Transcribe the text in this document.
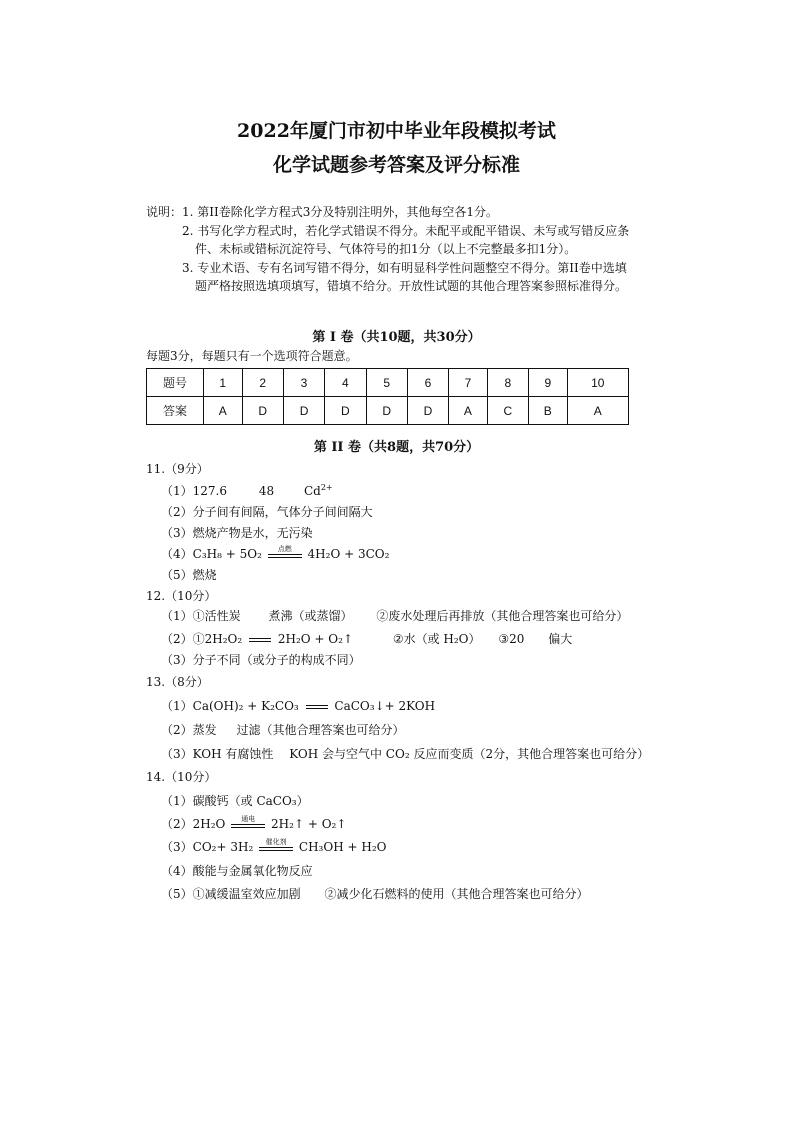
2022年厦门市初中毕业年段模拟考试
化学试题参考答案及评分标准
说明： 1. 第II卷除化学方程式3分及特别注明外，其他每空各1分。
2. 书写化学方程式时，若化学式错误不得分。未配平或配平错误、未写或写错反应条
件、未标或错标沉淀符号、气体符号的扣1分（以上不完整最多扣1分）。
3. 专业术语、专有名词写错不得分，如有明显科学性问题整空不得分。第II卷中选填
题严格按照选填项填写，错填不给分。开放性试题的其他合理答案参照标准得分。
第 I 卷（共10题，共30分）
每题3分，每题只有一个选项符合题意。
题号	1	2	3	4	5	6	7	8	9	10
答案	A	D	D	D	D	D	A	C	B	A
第 II 卷（共8题，共70分）
11.（9分）
（1）127.6	48 $Cd^{2+}$
（2）分子间有间隔，气体分子间间隔大
（3）燃烧产物是水，无污染
（4）C₃H₈ + 5O₂	点燃	4H₂O + 3CO₂
（5）燃烧
12.（10分）
（1）①活性炭 煮沸（或蒸馏） ②废水处理后再排放（其他合理答案也可给分）
（2）①2H₂O₂	2H₂O + O₂↑	②水（或 H₂O） ③20 偏大
（3）分子不同（或分子的构成不同）
13.（8分）
（1）Ca(OH)₂ + K₂CO₃	CaCO₃↓+ 2KOH
（2）蒸发 过滤（其他合理答案也可给分）
（3）KOH 有腐蚀性 KOH 会与空气中 CO₂ 反应而变质（2分，其他合理答案也可给分）
14.（10分）
（1）碳酸钙（或 CaCO₃）
（2）2H₂O	通电	2H₂↑ + O₂↑
（3）CO₂+ 3H₂	催化剂	CH₃OH + H₂O
（4）酸能与金属氧化物反应
（5）①减缓温室效应加剧 ②减少化石燃料的使用（其他合理答案也可给分）
